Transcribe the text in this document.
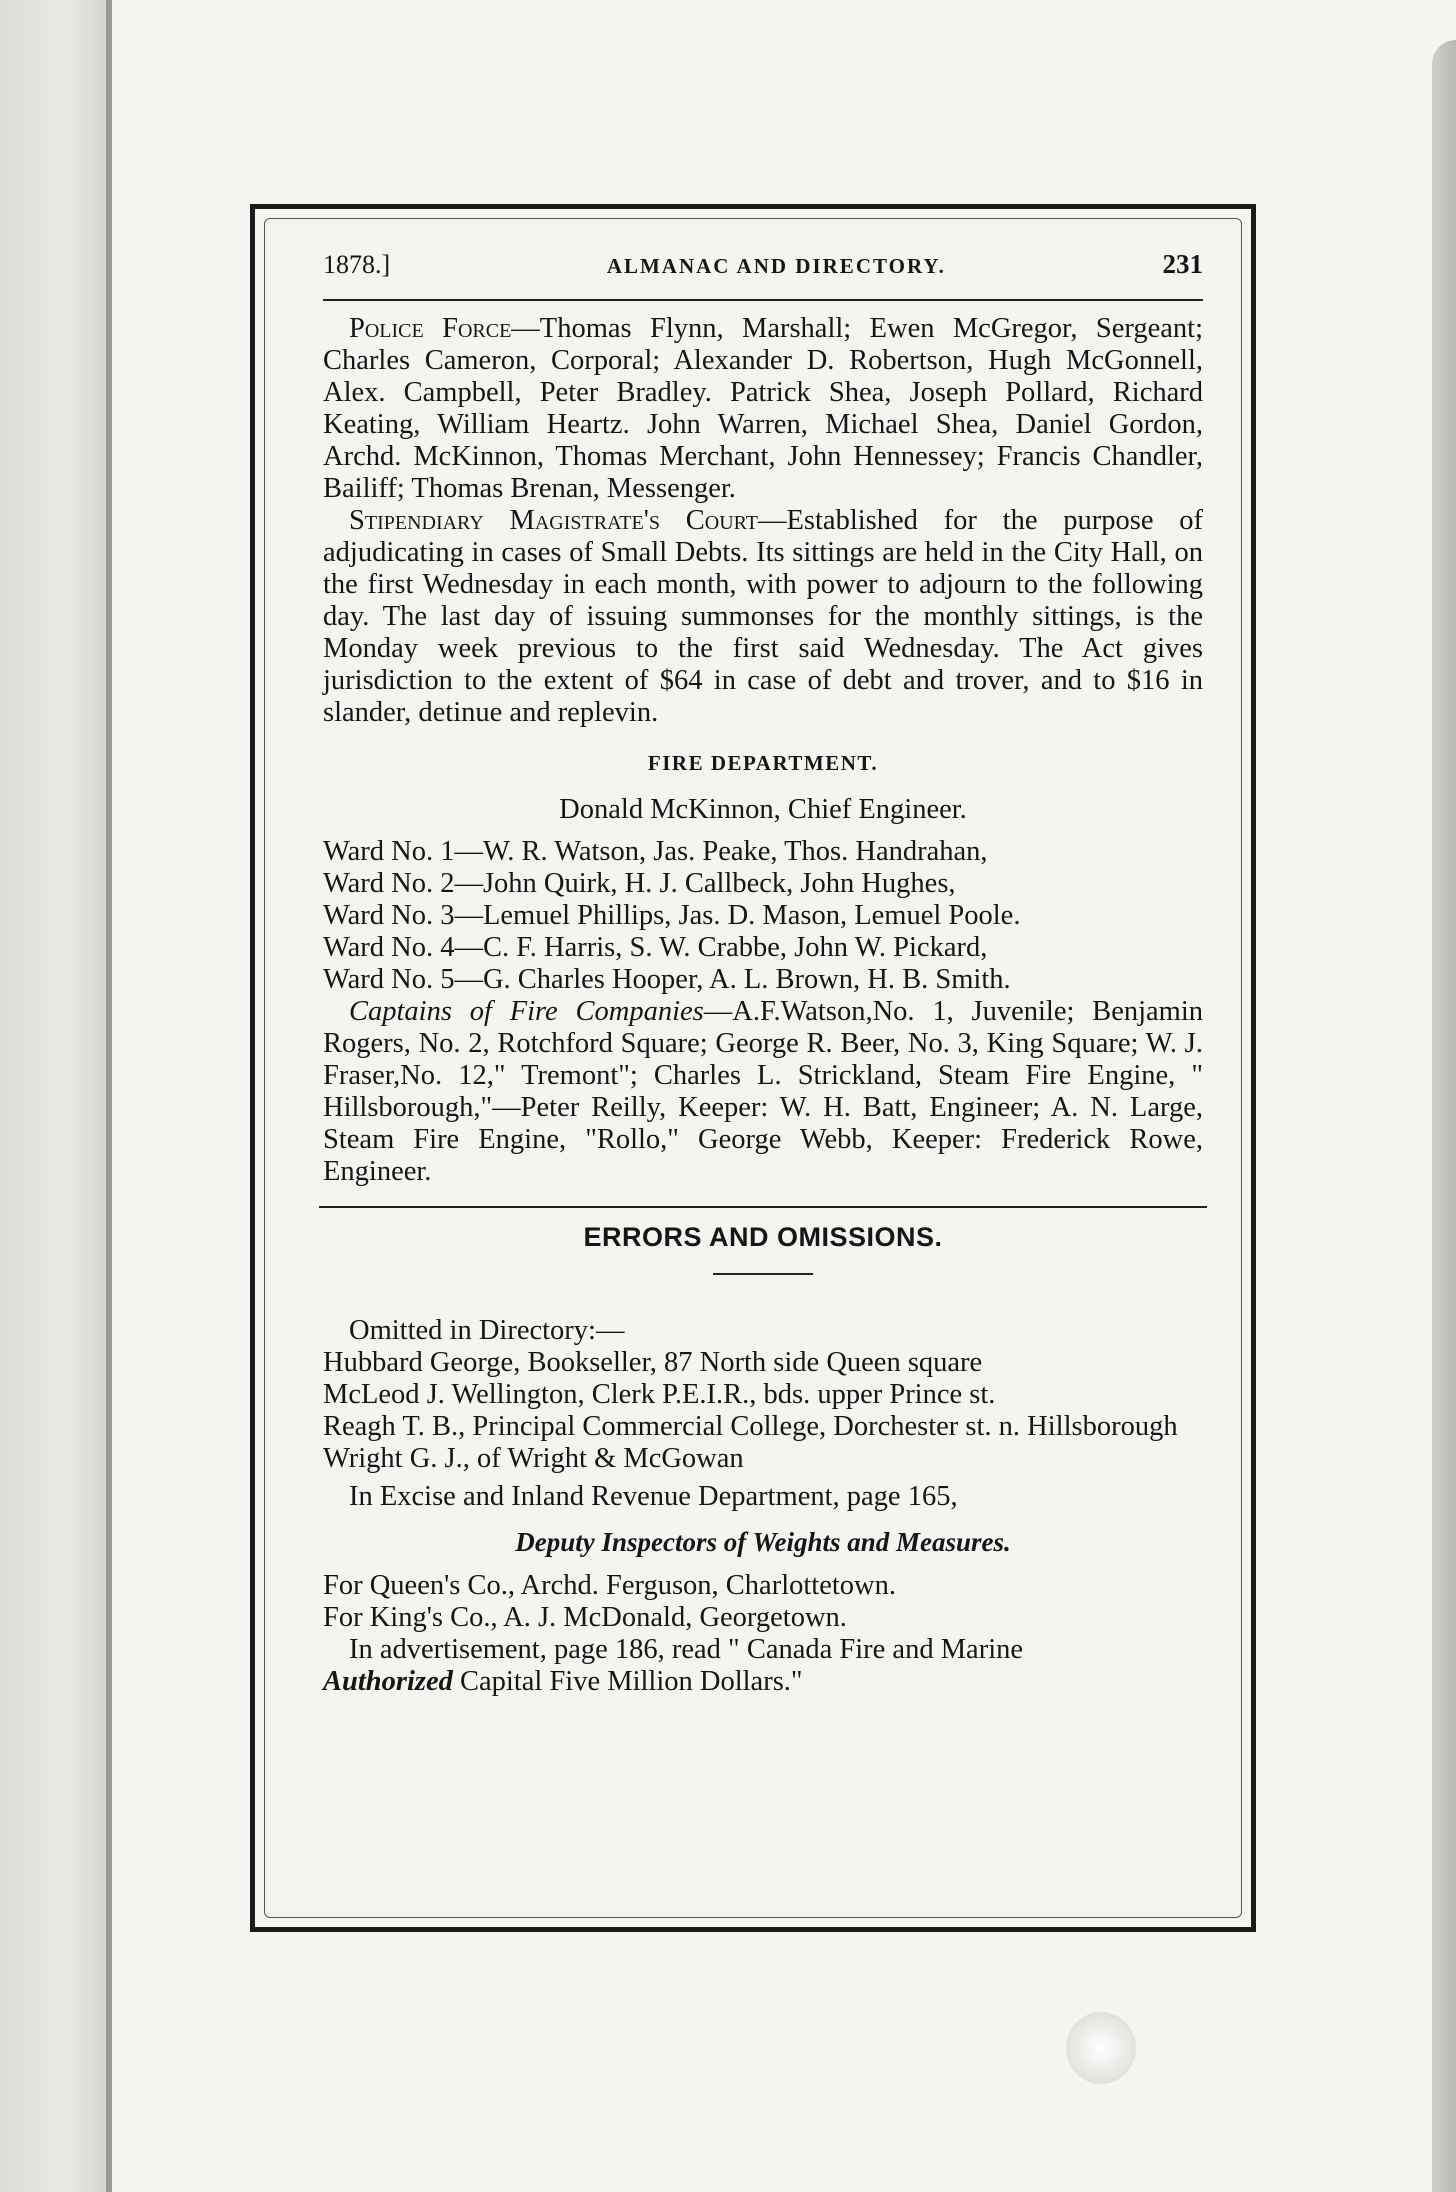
1878.]	ALMANAC AND DIRECTORY.	231

Police Force—Thomas Flynn, Marshall; Ewen McGregor, Sergeant; Charles Cameron, Corporal; Alexander D. Robertson, Hugh McGonnell, Alex. Campbell, Peter Bradley. Patrick Shea, Joseph Pollard, Richard Keating, William Heartz. John Warren, Michael Shea, Daniel Gordon, Archd. McKinnon, Thomas Merchant, John Hennessey; Francis Chandler, Bailiff; Thomas Brenan, Messenger.

Stipendiary Magistrate's Court—Established for the purpose of adjudicating in cases of Small Debts. Its sittings are held in the City Hall, on the first Wednesday in each month, with power to adjourn to the following day. The last day of issuing summonses for the monthly sittings, is the Monday week previous to the first said Wednesday. The Act gives jurisdiction to the extent of $64 in case of debt and trover, and to $16 in slander, detinue and replevin.

FIRE DEPARTMENT.
Donald McKinnon, Chief Engineer.
Ward No. 1—W. R. Watson, Jas. Peake, Thos. Handrahan,
Ward No. 2—John Quirk, H. J. Callbeck, John Hughes,
Ward No. 3—Lemuel Phillips, Jas. D. Mason, Lemuel Poole.
Ward No. 4—C. F. Harris, S. W. Crabbe, John W. Pickard,
Ward No. 5—G. Charles Hooper, A. L. Brown, H. B. Smith.

Captains of Fire Companies—A.F.Watson,No. 1, Juvenile; Benjamin Rogers, No. 2, Rotchford Square; George R. Beer, No. 3, King Square; W. J. Fraser,No. 12," Tremont"; Charles L. Strickland, Steam Fire Engine, " Hillsborough,"—Peter Reilly, Keeper: W. H. Batt, Engineer; A. N. Large, Steam Fire Engine, "Rollo," George Webb, Keeper: Frederick Rowe, Engineer.

ERRORS AND OMISSIONS.
Omitted in Directory:—
Hubbard George, Bookseller, 87 North side Queen square
McLeod J. Wellington, Clerk P.E.I.R., bds. upper Prince st.
Reagh T. B., Principal Commercial College, Dorchester st. n. Hillsborough
Wright G. J., of Wright & McGowan
In Excise and Inland Revenue Department, page 165,
Deputy Inspectors of Weights and Measures.
For Queen's Co., Archd. Ferguson, Charlottetown.
For King's Co., A. J. McDonald, Georgetown.
In advertisement, page 186, read " Canada Fire and Marine
Authorized Capital Five Million Dollars."
